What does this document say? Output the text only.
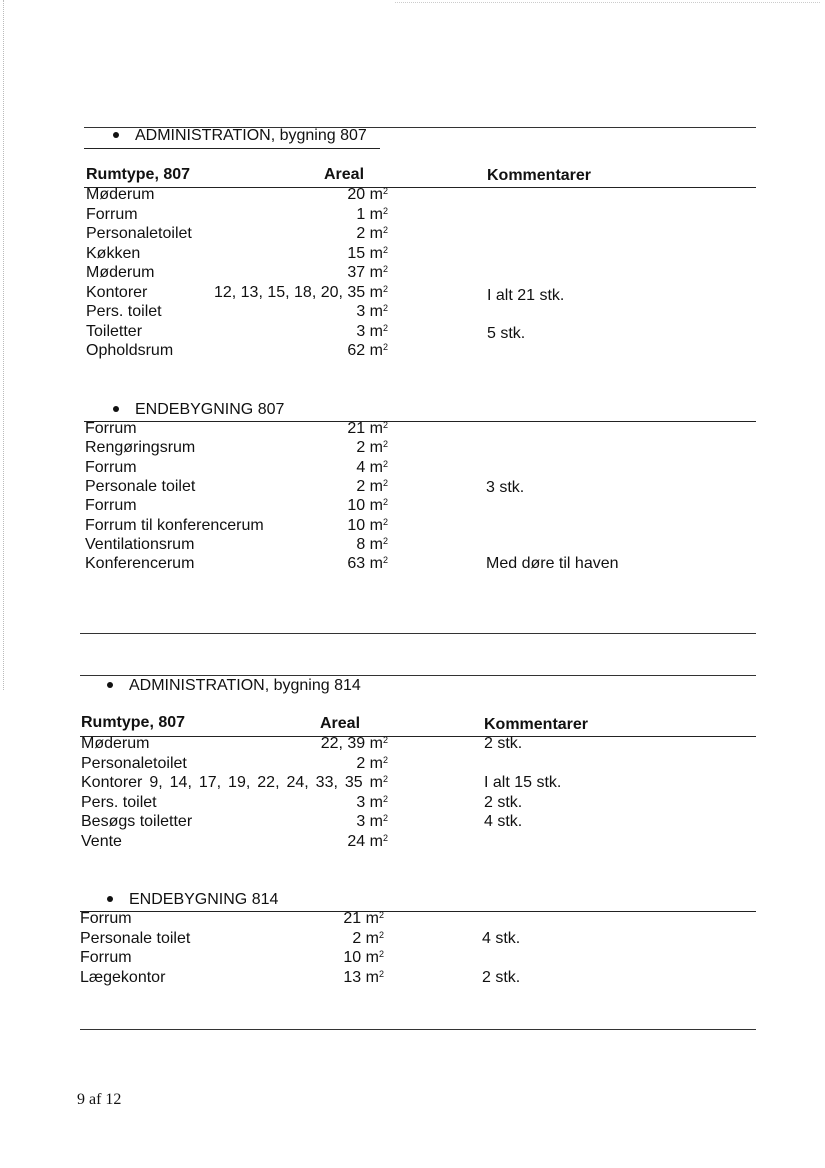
ADMINISTRATION, bygning 807
Rumtype, 807	Areal	Kommentarer
Møderum	20 $m^2$
Forrum	1 $m^2$
Personaletoilet	2 $m^2$
Køkken	15 $m^2$
Møderum	37 $m^2$
Kontorer	12, 13, 15, 18, 20, 35 $m^2$	I alt 21 stk.
Pers. toilet	3 $m^2$
Toiletter	3 $m^2$	5 stk.
Opholdsrum	62 $m^2$
ENDEBYGNING 807
Forrum	21 $m^2$
Rengøringsrum	2 $m^2$
Forrum	4 $m^2$
Personale toilet	2 $m^2$	3 stk.
Forrum	10 $m^2$
Forrum til konferencerum	10 $m^2$
Ventilationsrum	8 $m^2$
Konferencerum	63 $m^2$	Med døre til haven
ADMINISTRATION, bygning 814
Rumtype, 807	Areal	Kommentarer
Møderum	22, 39 $m^2$	2 stk.
Personaletoilet	2 $m^2$
Kontorer 9, 14, 17, 19, 22, 24, 33, 35 $m^2$	I alt 15 stk.
Pers. toilet	3 $m^2$	2 stk.
Besøgs toiletter	3 $m^2$	4 stk.
Vente	24 $m^2$
ENDEBYGNING 814
Forrum	21 $m^2$
Personale toilet	2 $m^2$	4 stk.
Forrum	10 $m^2$
Lægekontor	13 $m^2$	2 stk.
9 af 12
